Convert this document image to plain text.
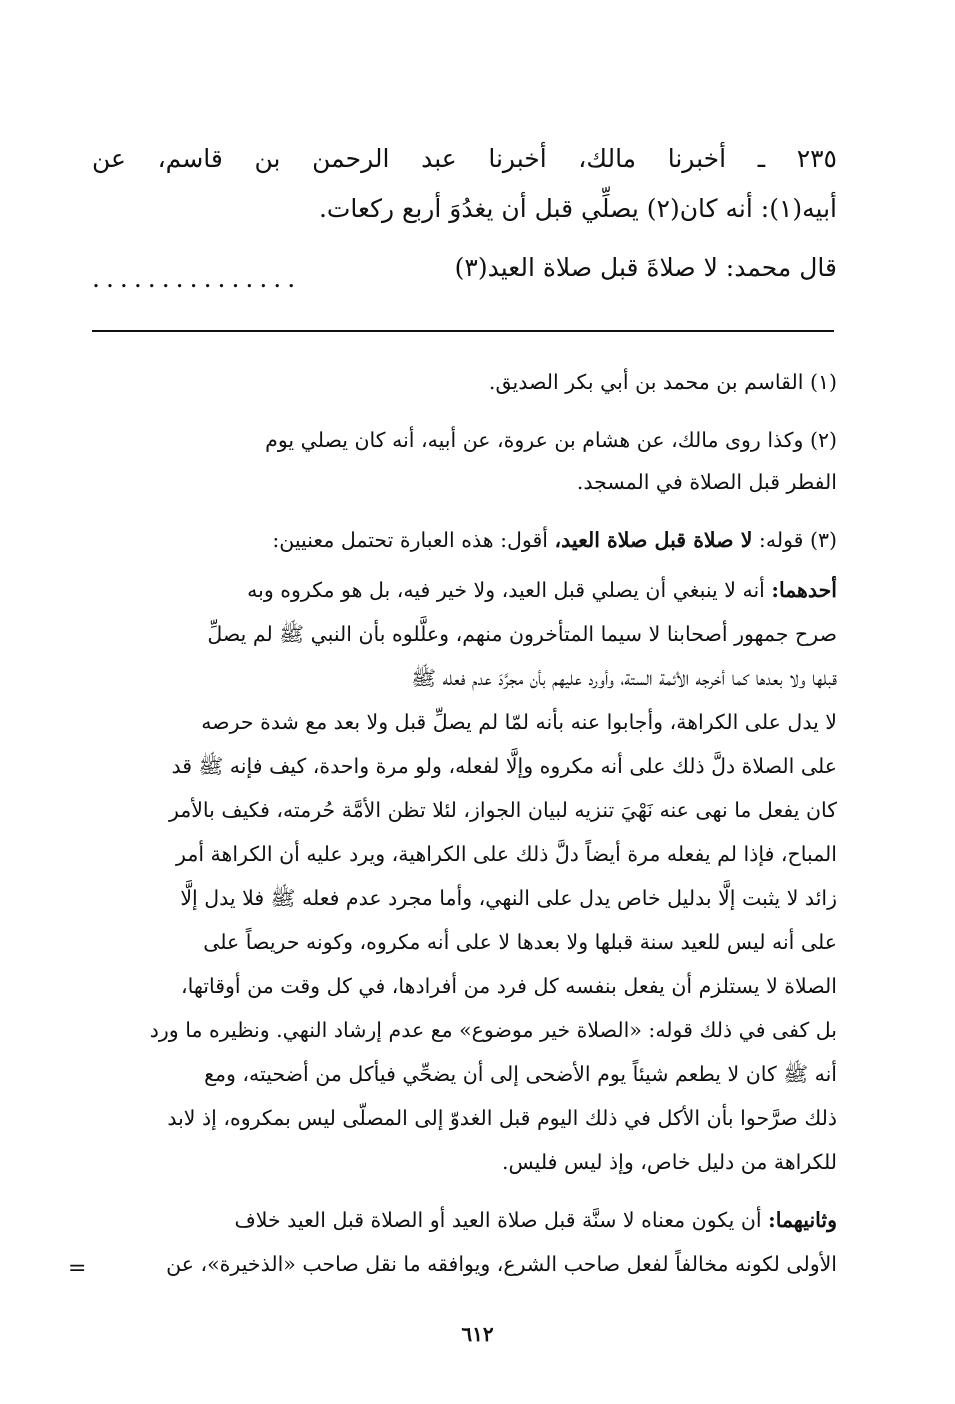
٢٣٥ ـ أخبرنا مالك، أخبرنا عبد الرحمن بن قاسم، عن
أبيه(١): أنه كان(٢) يصلِّي قبل أن يغدُوَ أربع ركعات.
قال محمد: لا صلاةَ قبل صلاة العيد(٣)
...............
(١) القاسم بن محمد بن أبي بكر الصديق.
(٢) وكذا روى مالك، عن هشام بن عروة، عن أبيه، أنه كان يصلي يوم
الفطر قبل الصلاة في المسجد.
(٣) قوله: لا صلاة قبل صلاة العيد، أقول: هذه العبارة تحتمل معنيين:
أحدهما: أنه لا ينبغي أن يصلي قبل العيد، ولا خير فيه، بل هو مكروه وبه
صرح جمهور أصحابنا لا سيما المتأخرون منهم، وعلَّلوه بأن النبي ﷺ لم يصلِّ
قبلها ولا بعدها كما أخرجه الأئمة الستة، وأورد عليهم بأن مجرَّدَ عدم فعله ﷺ
لا يدل على الكراهة، وأجابوا عنه بأنه لمّا لم يصلِّ قبل ولا بعد مع شدة حرصه
على الصلاة دلَّ ذلك على أنه مكروه وإلَّا لفعله، ولو مرة واحدة، كيف فإنه ﷺ قد
كان يفعل ما نهى عنه نَهْيَ تنزيه لبيان الجواز، لئلا تظن الأمَّة حُرمته، فكيف بالأمر
المباح، فإذا لم يفعله مرة أيضاً دلَّ ذلك على الكراهية، ويرد عليه أن الكراهة أمر
زائد لا يثبت إلَّا بدليل خاص يدل على النهي، وأما مجرد عدم فعله ﷺ فلا يدل إلَّا
على أنه ليس للعيد سنة قبلها ولا بعدها لا على أنه مكروه، وكونه حريصاً على
الصلاة لا يستلزم أن يفعل بنفسه كل فرد من أفرادها، في كل وقت من أوقاتها،
بل كفى في ذلك قوله: «الصلاة خير موضوع» مع عدم إرشاد النهي. ونظيره ما ورد
أنه ﷺ كان لا يطعم شيئاً يوم الأضحى إلى أن يضحِّي فيأكل من أضحيته، ومع
ذلك صرَّحوا بأن الأكل في ذلك اليوم قبل الغدوّ إلى المصلّى ليس بمكروه، إذ لابد
للكراهة من دليل خاص، وإذ ليس فليس.
وثانيهما: أن يكون معناه لا سنَّة قبل صلاة العيد أو الصلاة قبل العيد خلاف
الأولى لكونه مخالفاً لفعل صاحب الشرع، ويوافقه ما نقل صاحب «الذخيرة»، عن
=
٦١٢
